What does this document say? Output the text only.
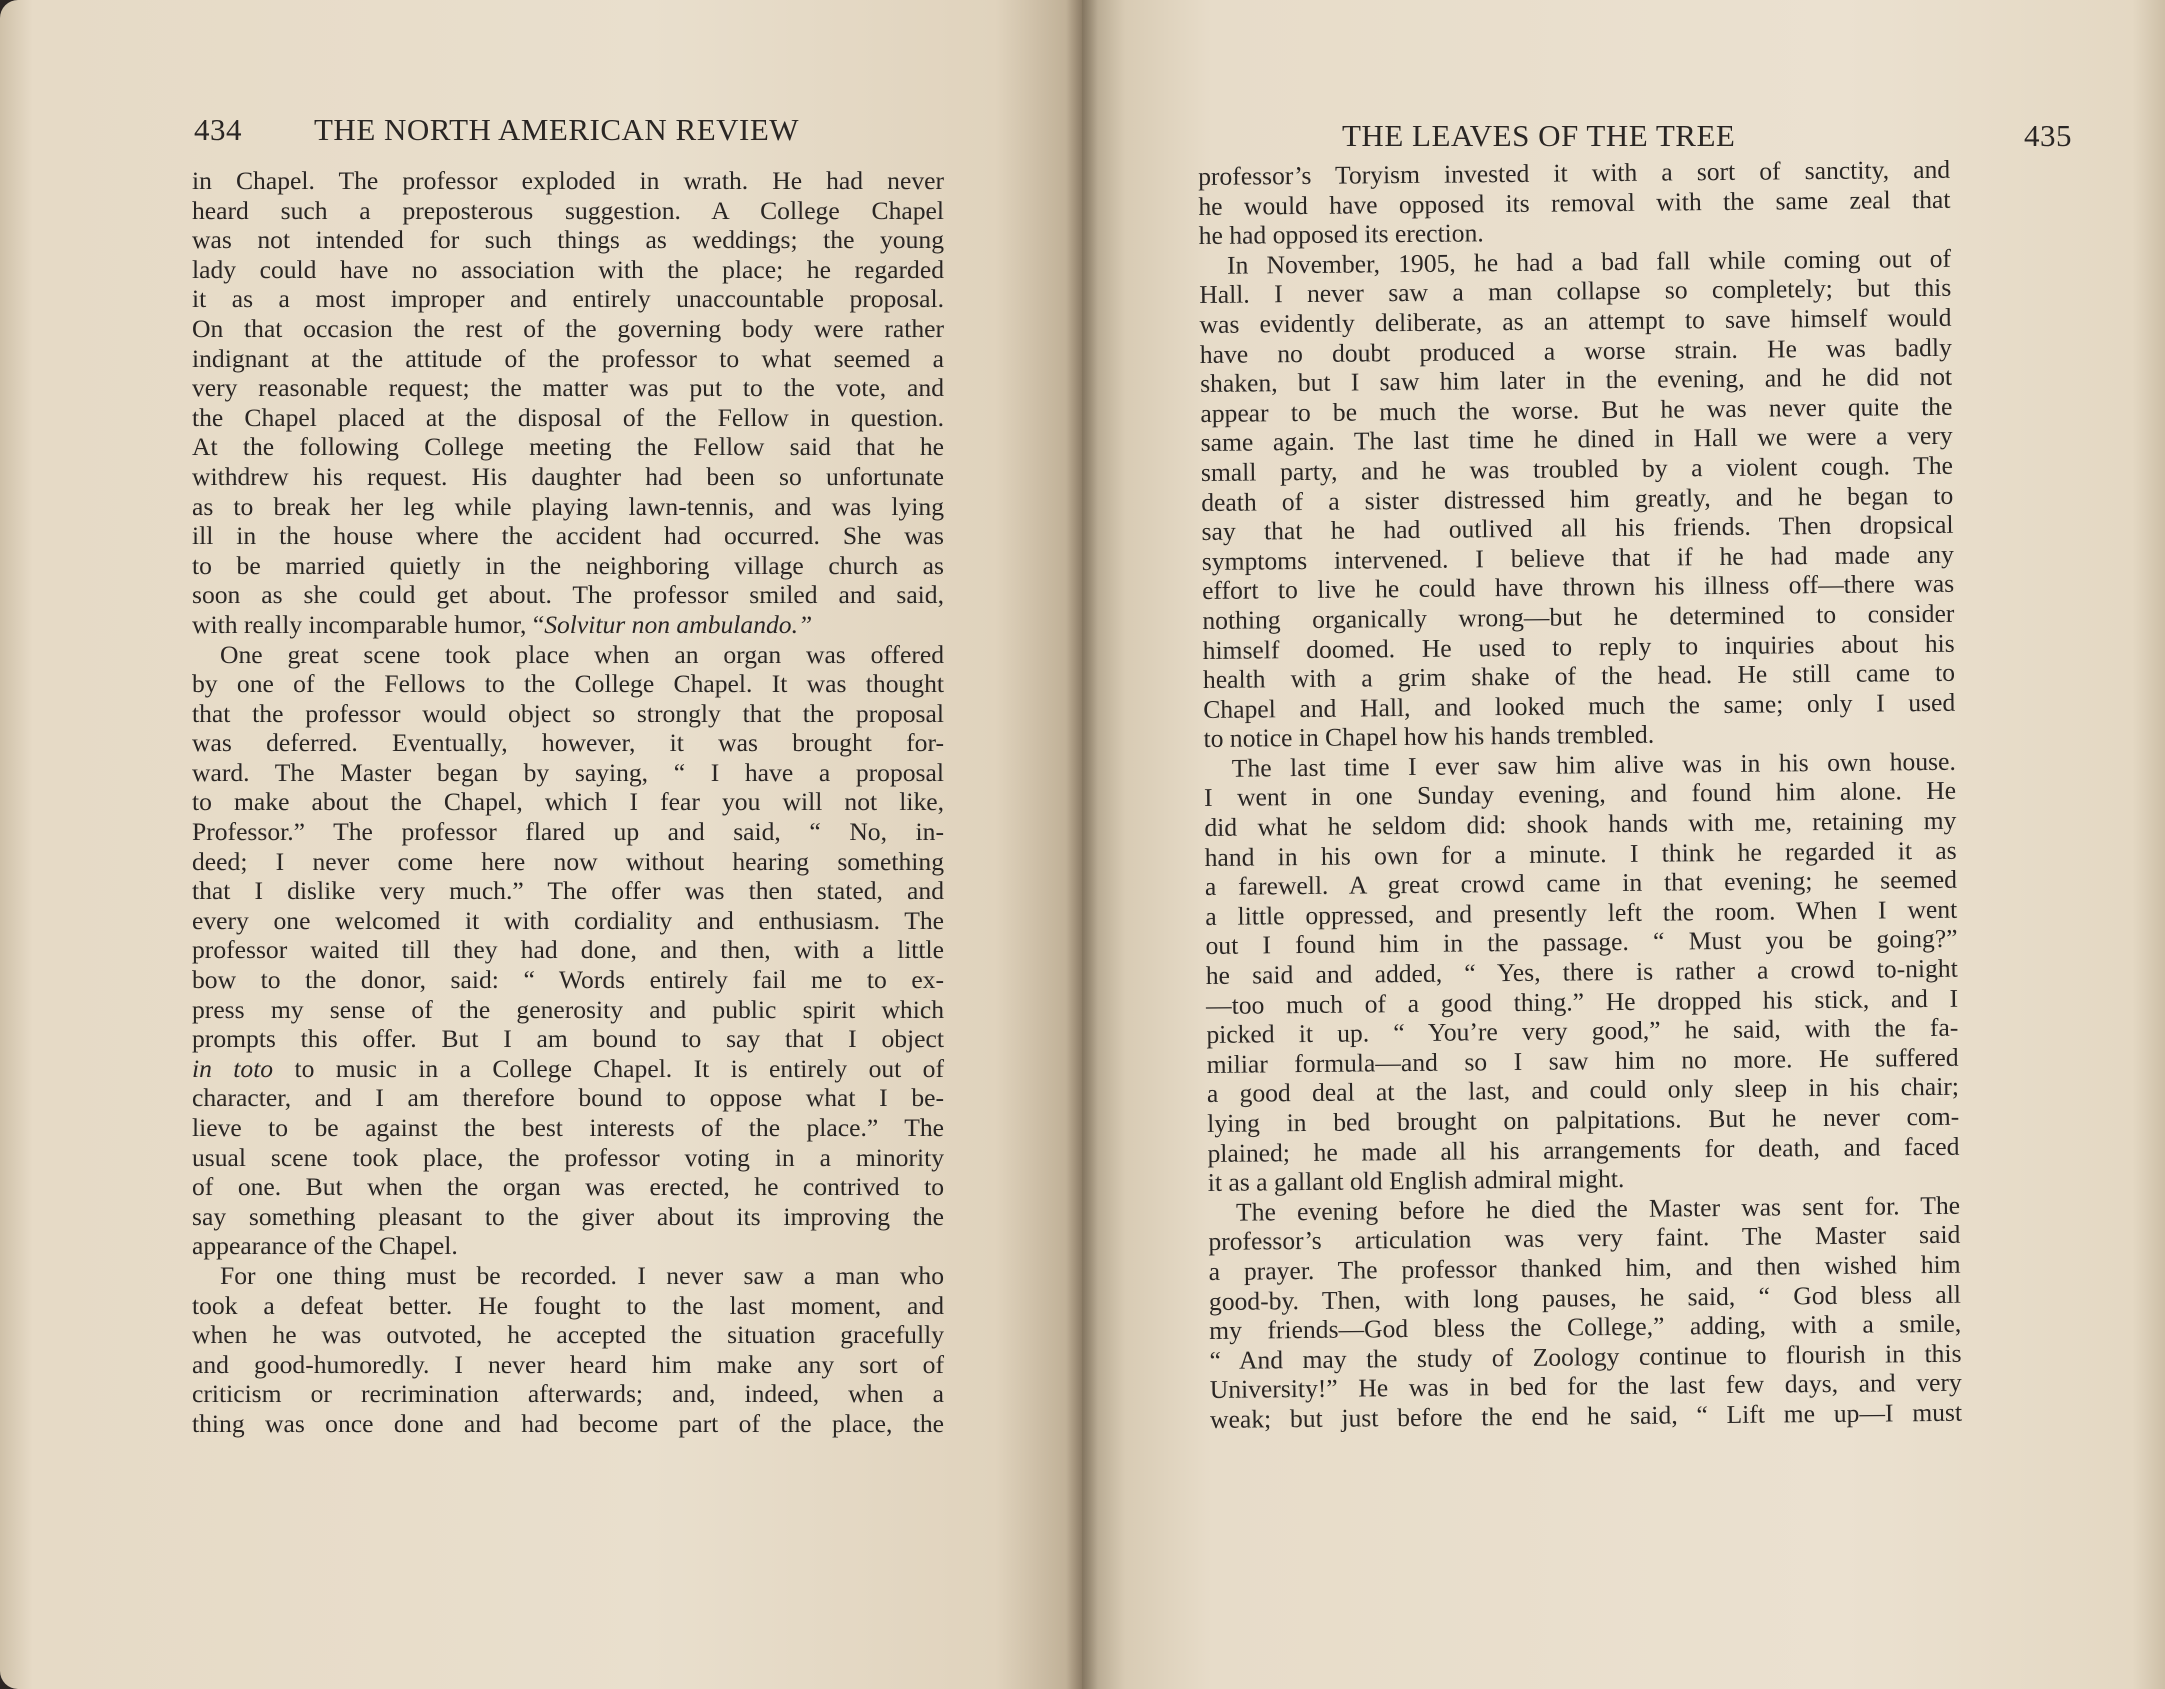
434 THE NORTH AMERICAN REVIEW
in Chapel. The professor exploded in wrath. He had never
heard such a preposterous suggestion. A College Chapel
was not intended for such things as weddings; the young
lady could have no association with the place; he regarded
it as a most improper and entirely unaccountable proposal.
On that occasion the rest of the governing body were rather
indignant at the attitude of the professor to what seemed a
very reasonable request; the matter was put to the vote, and
the Chapel placed at the disposal of the Fellow in question.
At the following College meeting the Fellow said that he
withdrew his request. His daughter had been so unfortunate
as to break her leg while playing lawn-tennis, and was lying
ill in the house where the accident had occurred. She was
to be married quietly in the neighboring village church as
soon as she could get about. The professor smiled and said,
with really incomparable humor, “Solvitur non ambulando.”
One great scene took place when an organ was offered
by one of the Fellows to the College Chapel. It was thought
that the professor would object so strongly that the proposal
was deferred. Eventually, however, it was brought for-
ward. The Master began by saying, “ I have a proposal
to make about the Chapel, which I fear you will not like,
Professor.” The professor flared up and said, “ No, in-
deed; I never come here now without hearing something
that I dislike very much.” The offer was then stated, and
every one welcomed it with cordiality and enthusiasm. The
professor waited till they had done, and then, with a little
bow to the donor, said: “ Words entirely fail me to ex-
press my sense of the generosity and public spirit which
prompts this offer. But I am bound to say that I object
in toto to music in a College Chapel. It is entirely out of
character, and I am therefore bound to oppose what I be-
lieve to be against the best interests of the place.” The
usual scene took place, the professor voting in a minority
of one. But when the organ was erected, he contrived to
say something pleasant to the giver about its improving the
appearance of the Chapel.
For one thing must be recorded. I never saw a man who
took a defeat better. He fought to the last moment, and
when he was outvoted, he accepted the situation gracefully
and good-humoredly. I never heard him make any sort of
criticism or recrimination afterwards; and, indeed, when a
thing was once done and had become part of the place, the
THE LEAVES OF THE TREE	435
professor’s Toryism invested it with a sort of sanctity, and
he would have opposed its removal with the same zeal that
he had opposed its erection.
In November, 1905, he had a bad fall while coming out of
Hall. I never saw a man collapse so completely; but this
was evidently deliberate, as an attempt to save himself would
have no doubt produced a worse strain. He was badly
shaken, but I saw him later in the evening, and he did not
appear to be much the worse. But he was never quite the
same again. The last time he dined in Hall we were a very
small party, and he was troubled by a violent cough. The
death of a sister distressed him greatly, and he began to
say that he had outlived all his friends. Then dropsical
symptoms intervened. I believe that if he had made any
effort to live he could have thrown his illness off—there was
nothing organically wrong—but he determined to consider
himself doomed. He used to reply to inquiries about his
health with a grim shake of the head. He still came to
Chapel and Hall, and looked much the same; only I used
to notice in Chapel how his hands trembled.
The last time I ever saw him alive was in his own house.
I went in one Sunday evening, and found him alone. He
did what he seldom did: shook hands with me, retaining my
hand in his own for a minute. I think he regarded it as
a farewell. A great crowd came in that evening; he seemed
a little oppressed, and presently left the room. When I went
out I found him in the passage. “ Must you be going?”
he said and added, “ Yes, there is rather a crowd to-night
—too much of a good thing.” He dropped his stick, and I
picked it up. “ You’re very good,” he said, with the fa-
miliar formula—and so I saw him no more. He suffered
a good deal at the last, and could only sleep in his chair;
lying in bed brought on palpitations. But he never com-
plained; he made all his arrangements for death, and faced
it as a gallant old English admiral might.
The evening before he died the Master was sent for. The
professor’s articulation was very faint. The Master said
a prayer. The professor thanked him, and then wished him
good-by. Then, with long pauses, he said, “ God bless all
my friends—God bless the College,” adding, with a smile,
“ And may the study of Zoology continue to flourish in this
University!” He was in bed for the last few days, and very
weak; but just before the end he said, “ Lift me up—I must
